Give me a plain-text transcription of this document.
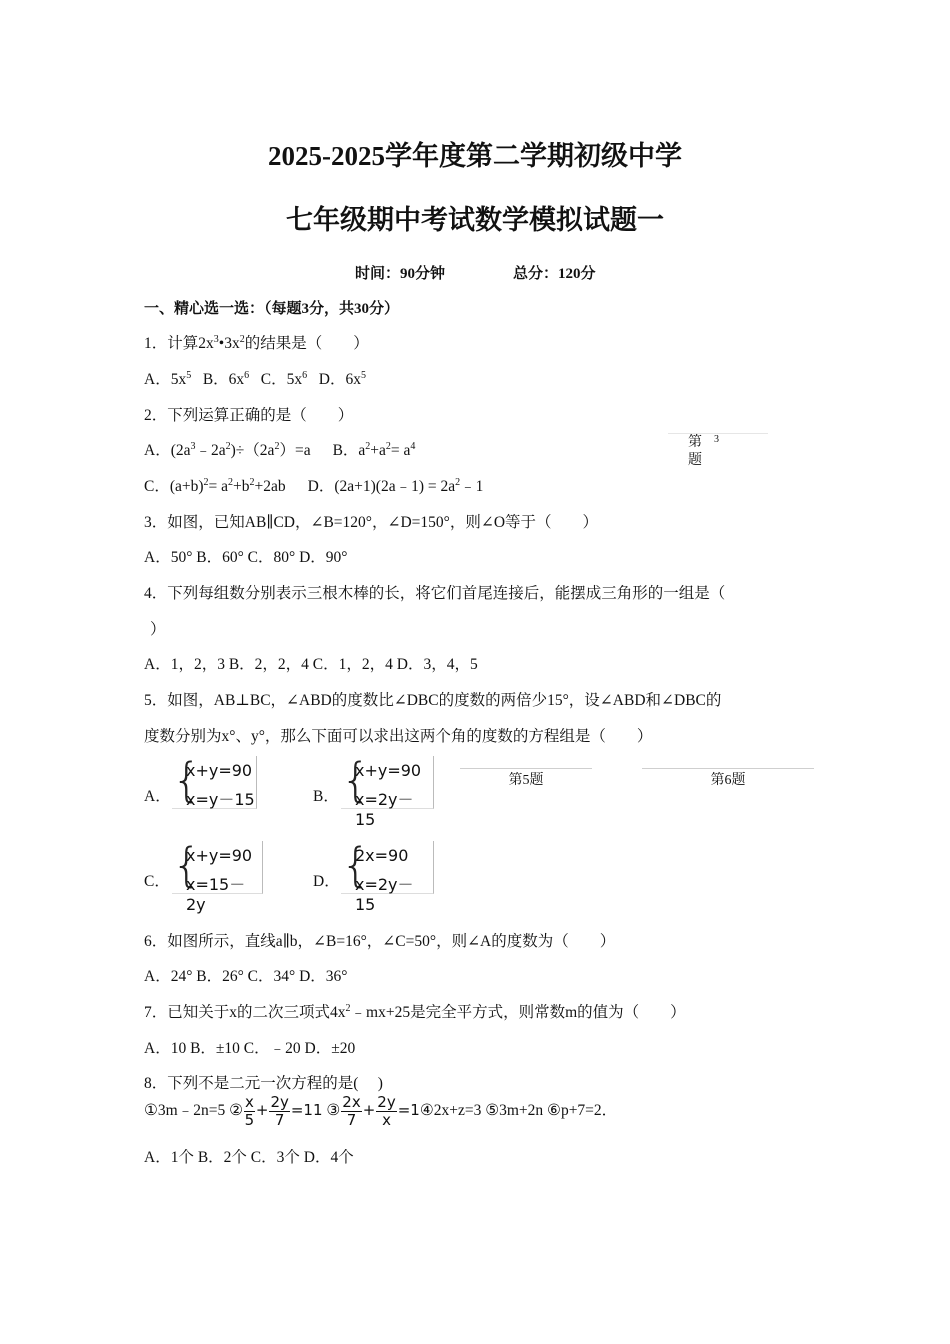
2025-2025学年度第二学期初级中学
七年级期中考试数学模拟试题一
时间：90分钟	总分：120分
一、精心选一选：（每题3分，共30分）
1．计算$2x^3•3x^2$的结果是（　　）
A．$5x^5$ B．$6x^6$ C．$5x^6$ D．$6x^5$
2．下列运算正确的是（　　）
A．$(2a^3﹣2a^2)\div(2a^2)=a$ B．$a^2+a^2= a^4$	第题
3
C．$(a+b)^2= a^2+b^2+2ab$ D．(2a+1)(2a﹣1) = $2a^2﹣1$
3．如图，已知AB∥CD，∠B=120°，∠D=150°，则∠O等于（　　）
A．50° B．60° C．80° D．90°
4．下列每组数分别表示三根木棒的长，将它们首尾连接后，能摆成三角形的一组是（
）
A．1，2，3 B．2，2，4 C．1，2，4 D．3，4，5
5．如图，AB⊥BC，∠ABD的度数比∠DBC的度数的两倍少15°，设∠ABD和∠DBC的
度数分别为x°、y°，那么下面可以求出这两个角的度数的方程组是（　　）
A． {
x+y=90
x=y－15	B． {
x+y=90
x=2y－15
第5题	第6题
C． {
x+y=90
x=15－2y
D． {
2x=90
x=2y－15
6．如图所示，直线a∥b，∠B=16°，∠C=50°，则∠A的度数为（　　）
A．24° B．26° C．34° D．36°
7．已知关于x的二次三项式$4x^2﹣mx+25$是完全平方式，则常数m的值为（　　）
A．10 B．±10 C．﹣20 D．±20
8．下列不是二元一次方程的是(　 )
①3m﹣2n=5 ② $\frac{x}{5} + \frac{2y}{7} =11$ ③ $\frac{2x}{7} + \frac{2y}{x}$ =1④2x+z=3 ⑤3m+2n ⑥p+7=2．
A．1个 B．2个 C．3个 D．4个
